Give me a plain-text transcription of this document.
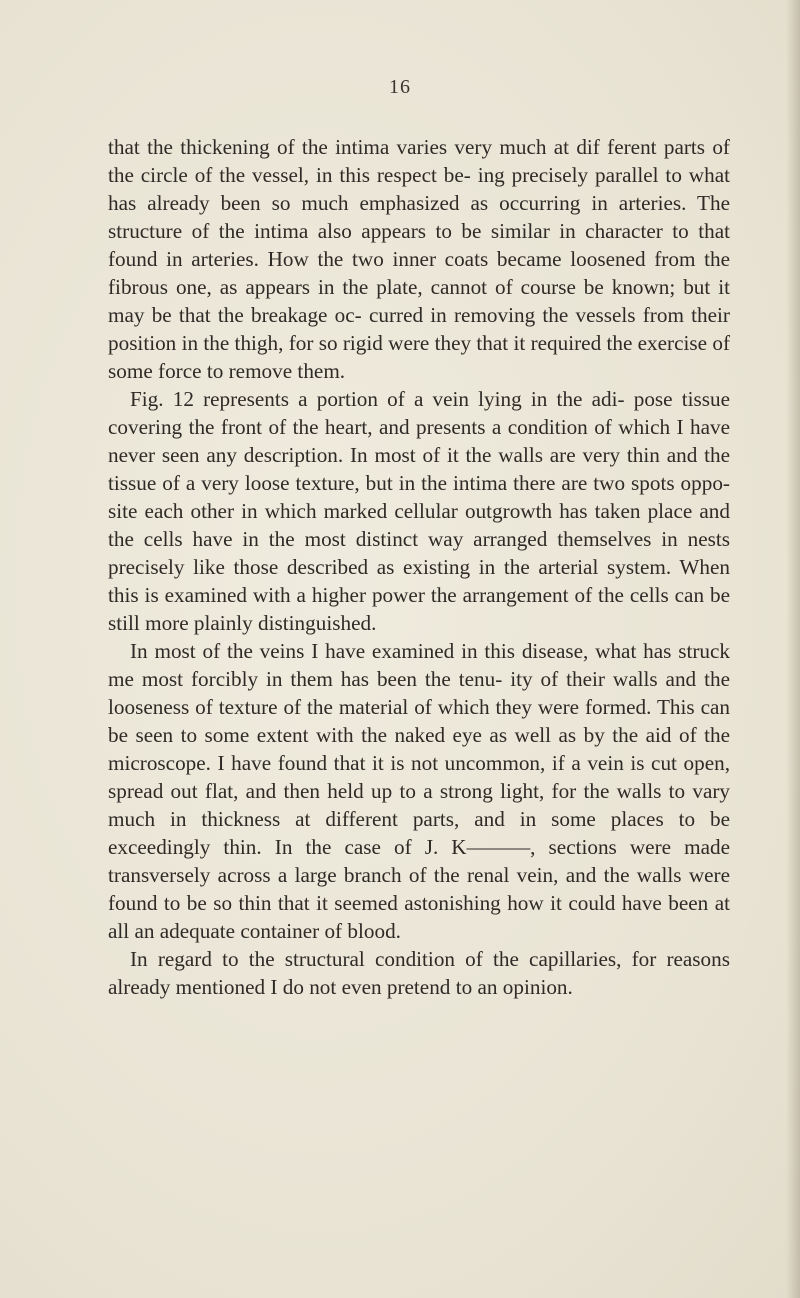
16

that the thickening of the intima varies very much at dif ferent parts of the circle of the vessel, in this respect be- ing precisely parallel to what has already been so much emphasized as occurring in arteries. The structure of the intima also appears to be similar in character to that found in arteries. How the two inner coats became loosened from the fibrous one, as appears in the plate, cannot of course be known; but it may be that the breakage oc- curred in removing the vessels from their position in the thigh, for so rigid were they that it required the exercise of some force to remove them.

Fig. 12 represents a portion of a vein lying in the adi- pose tissue covering the front of the heart, and presents a condition of which I have never seen any description. In most of it the walls are very thin and the tissue of a very loose texture, but in the intima there are two spots oppo- site each other in which marked cellular outgrowth has taken place and the cells have in the most distinct way arranged themselves in nests precisely like those described as existing in the arterial system. When this is examined with a higher power the arrangement of the cells can be still more plainly distinguished.

In most of the veins I have examined in this disease, what has struck me most forcibly in them has been the tenu- ity of their walls and the looseness of texture of the material of which they were formed. This can be seen to some extent with the naked eye as well as by the aid of the microscope. I have found that it is not uncommon, if a vein is cut open, spread out flat, and then held up to a strong light, for the walls to vary much in thickness at different parts, and in some places to be exceedingly thin. In the case of J. K———, sections were made transversely across a large branch of the renal vein, and the walls were found to be so thin that it seemed astonishing how it could have been at all an adequate container of blood.

In regard to the structural condition of the capillaries, for reasons already mentioned I do not even pretend to an opinion.
